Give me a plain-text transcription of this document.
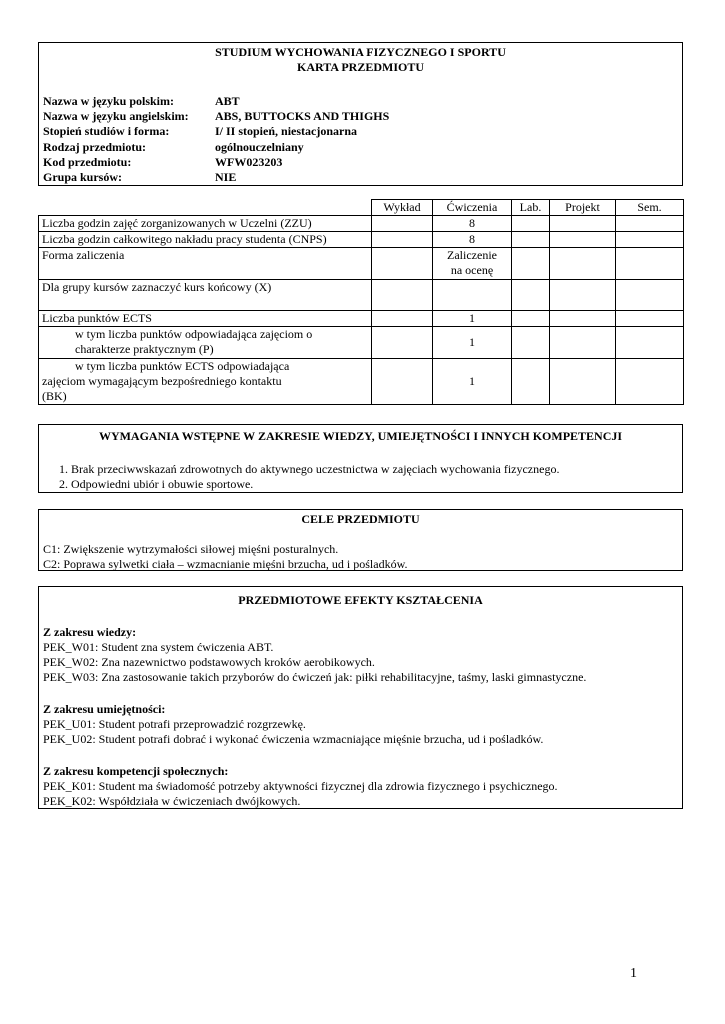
STUDIUM WYCHOWANIA FIZYCZNEGO I SPORTU
KARTA PRZEDMIOTU
Nazwa w języku polskim:	ABT
Nazwa w języku angielskim:	ABS, BUTTOCKS AND THIGHS
Stopień studiów i forma:	I/ II stopień, niestacjonarna
Rodzaj przedmiotu:	ogólnouczelniany
Kod przedmiotu:	WFW023203
Grupa kursów:	NIE
	Wykład	Ćwiczenia	Lab.	Projekt	Sem.
Liczba godzin zajęć zorganizowanych w Uczelni (ZZU)		8			
Liczba godzin całkowitego nakładu pracy studenta (CNPS)		8			
Forma zaliczenia		Zaliczenie
na ocenę			

Dla grupy kursów zaznaczyć kurs końcowy (X)					
Liczba punktów ECTS		1			

w tym liczba punktów odpowiadająca zajęciom o
charakterze praktycznym (P)		1			

w tym liczba punktów ECTS odpowiadająca
zajęciom wymagającym bezpośredniego kontaktu
(BK)		1			
WYMAGANIA WSTĘPNE W ZAKRESIE WIEDZY, UMIEJĘTNOŚCI I INNYCH KOMPETENCJI
1. Brak przeciwwskazań zdrowotnych do aktywnego uczestnictwa w zajęciach wychowania fizycznego.
2. Odpowiedni ubiór i obuwie sportowe.
CELE PRZEDMIOTU
C1: Zwiększenie wytrzymałości siłowej mięśni posturalnych.
C2: Poprawa sylwetki ciała – wzmacnianie mięśni brzucha, ud i pośladków.
PRZEDMIOTOWE EFEKTY KSZTAŁCENIA
Z zakresu wiedzy:
PEK_W01: Student zna system ćwiczenia ABT.
PEK_W02: Zna nazewnictwo podstawowych kroków aerobikowych.
PEK_W03: Zna zastosowanie takich przyborów do ćwiczeń jak: piłki rehabilitacyjne, taśmy, laski gimnastyczne.
Z zakresu umiejętności:
PEK_U01: Student potrafi przeprowadzić rozgrzewkę.
PEK_U02: Student potrafi dobrać i wykonać ćwiczenia wzmacniające mięśnie brzucha, ud i pośladków.
Z zakresu kompetencji społecznych:
PEK_K01: Student ma świadomość potrzeby aktywności fizycznej dla zdrowia fizycznego i psychicznego.
PEK_K02: Współdziała w ćwiczeniach dwójkowych.
1
